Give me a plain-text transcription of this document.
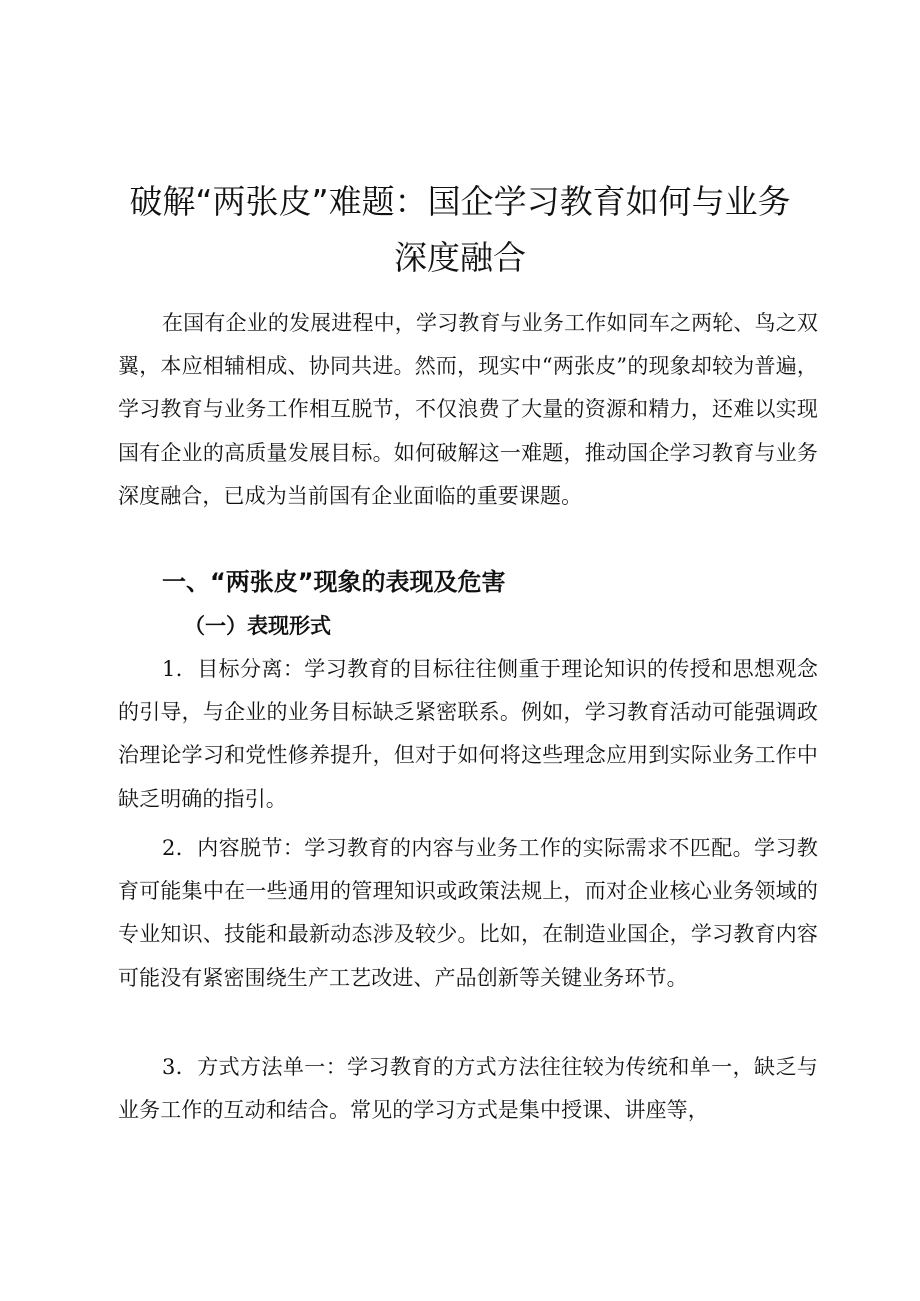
破解“两张皮”难题：国企学习教育如何与业务
深度融合

在国有企业的发展进程中，学习教育与业务工作如同车之两轮、鸟之双翼，本应相辅相成、协同共进。然而，现实中“两张皮”的现象却较为普遍，学习教育与业务工作相互脱节，不仅浪费了大量的资源和精力，还难以实现国有企业的高质量发展目标。如何破解这一难题，推动国企学习教育与业务深度融合，已成为当前国有企业面临的重要课题。

一、“两张皮”现象的表现及危害
（一）表现形式

1．目标分离：学习教育的目标往往侧重于理论知识的传授和思想观念的引导，与企业的业务目标缺乏紧密联系。例如，学习教育活动可能强调政治理论学习和党性修养提升，但对于如何将这些理念应用到实际业务工作中缺乏明确的指引。

2．内容脱节：学习教育的内容与业务工作的实际需求不匹配。学习教育可能集中在一些通用的管理知识或政策法规上，而对企业核心业务领域的专业知识、技能和最新动态涉及较少。比如，在制造业国企，学习教育内容可能没有紧密围绕生产工艺改进、产品创新等关键业务环节。

3．方式方法单一：学习教育的方式方法往往较为传统和单一，缺乏与业务工作的互动和结合。常见的学习方式是集中授课、讲座等，
